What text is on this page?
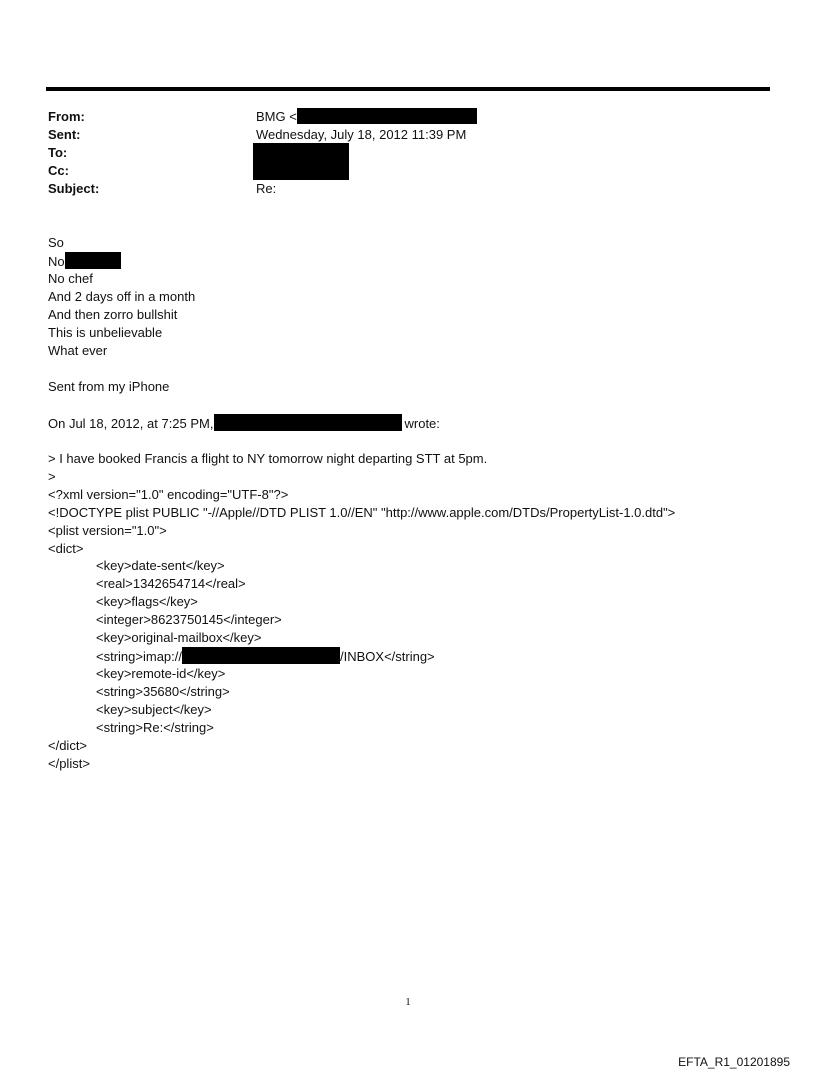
From:
Sent:
To:
Cc:
Subject:
BMG <
Wednesday, July 18, 2012 11:39 PM
Re:
So
No
No chef
And 2 days off in a month
And then zorro bullshit
This is unbelievable
What ever
Sent from my iPhone
On Jul 18, 2012, at 7:25 PM,	wrote:
> I have booked Francis a flight to NY tomorrow night departing STT at 5pm.
>
<?xml version="1.0" encoding="UTF-8"?>
<!DOCTYPE plist PUBLIC "-//Apple//DTD PLIST 1.0//EN" "http://www.apple.com/DTDs/PropertyList-1.0.dtd">
<plist version="1.0">
<dict>
<key>date-sent</key>
<real>1342654714</real>
<key>flags</key>
<integer>8623750145</integer>
<key>original-mailbox</key>
<string>imap://	/INBOX</string>
<key>remote-id</key>
<string>35680</string>
<key>subject</key>
<string>Re:</string>
</dict>
</plist>
1
EFTA_R1_01201895
